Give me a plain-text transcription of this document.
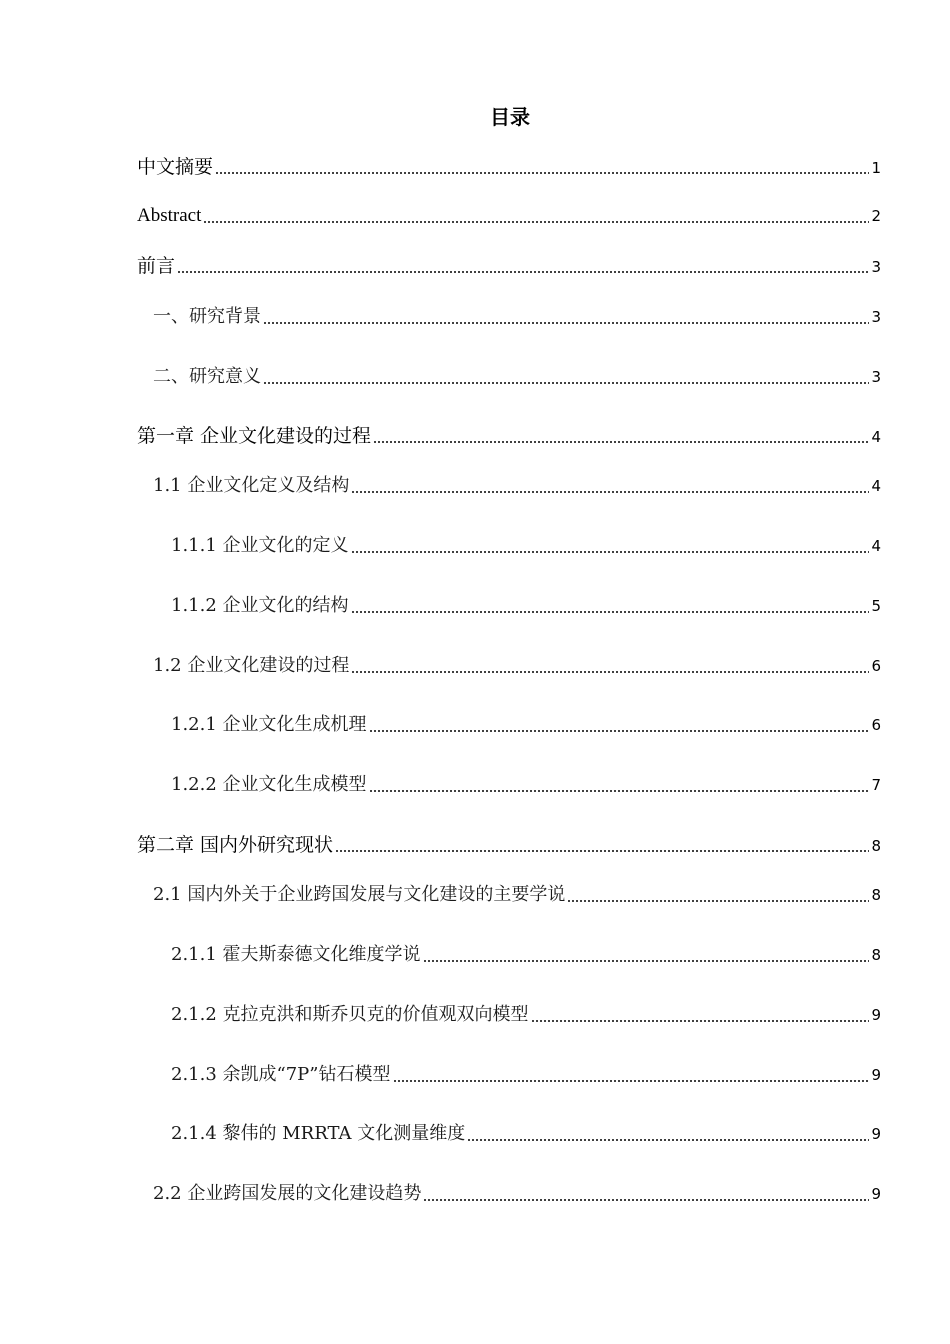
目录
中文摘要	1
Abstract	2
前言	3
一、研究背景	3
二、研究意义	3
第一章 企业文化建设的过程	4
1.1 企业文化定义及结构	4
1.1.1 企业文化的定义	4
1.1.2 企业文化的结构	5
1.2 企业文化建设的过程	6
1.2.1 企业文化生成机理	6
1.2.2 企业文化生成模型	7
第二章 国内外研究现状	8
2.1 国内外关于企业跨国发展与文化建设的主要学说	8
2.1.1 霍夫斯泰德文化维度学说	8
2.1.2 克拉克洪和斯乔贝克的价值观双向模型	9
2.1.3 余凯成“7P”钻石模型	9
2.1.4 黎伟的 MRRTA 文化测量维度	9
2.2 企业跨国发展的文化建设趋势	9
